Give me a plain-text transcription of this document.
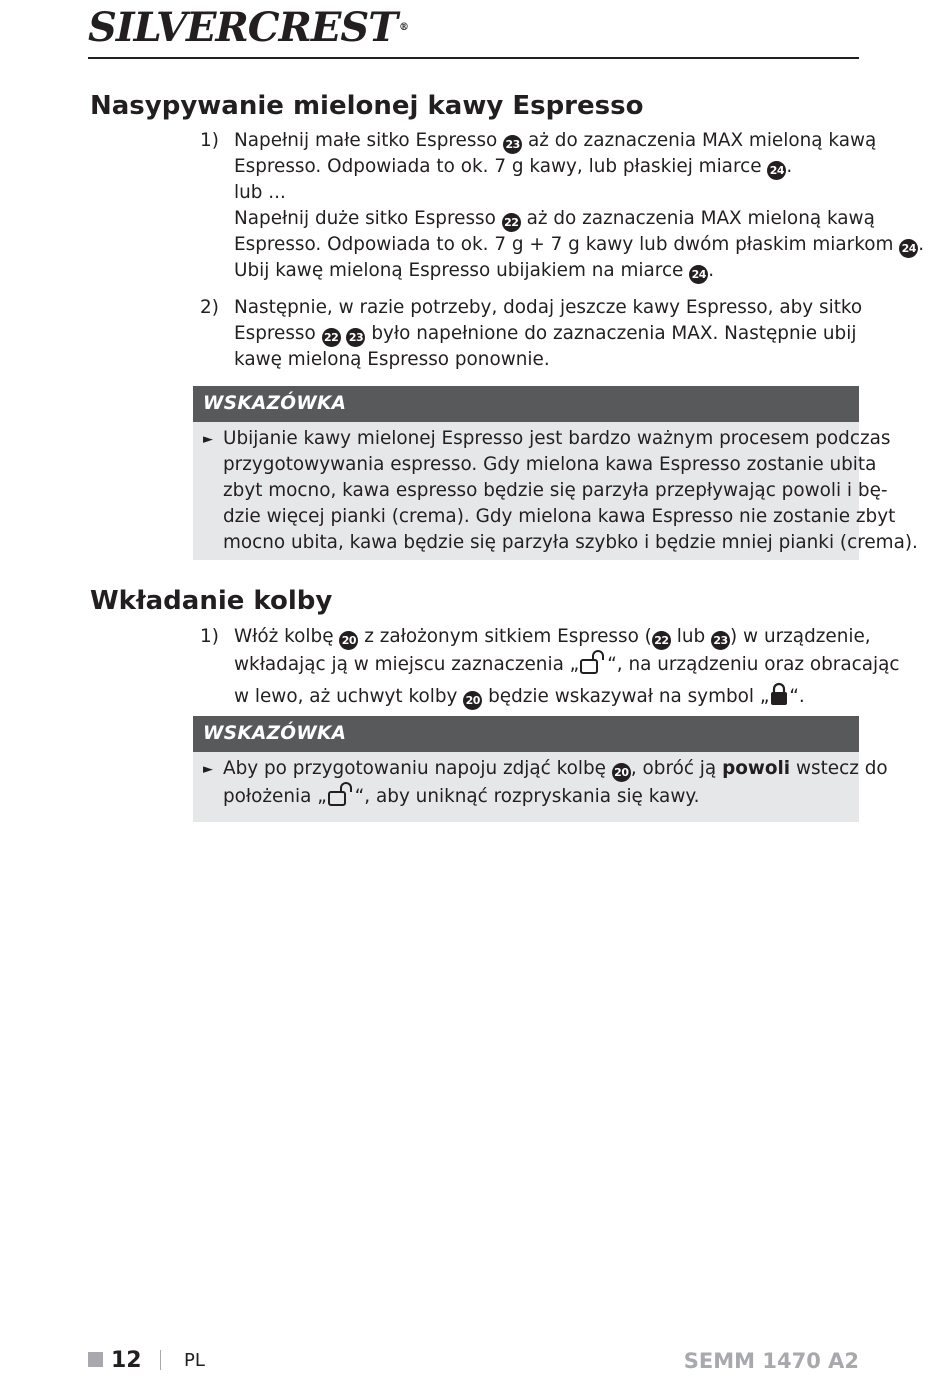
SILVERCREST ®
Nasypywanie mielonej kawy Espresso
1) Napełnij małe sitko Espresso 23 aż do zaznaczenia MAX mieloną kawą
Espresso. Odpowiada to ok. 7 g kawy, lub płaskiej miarce 24 .
lub ...
Napełnij duże sitko Espresso 22 aż do zaznaczenia MAX mieloną kawą
Espresso. Odpowiada to ok. 7 g + 7 g kawy lub dwóm płaskim miarkom 24 .
Ubij kawę mieloną Espresso ubijakiem na miarce 24 .
2) Następnie, w razie potrzeby, dodaj jeszcze kawy Espresso, aby sitko
Espresso 22 23 było napełnione do zaznaczenia MAX. Następnie ubij
kawę mieloną Espresso ponownie.
WSKAZÓWKA
► Ubijanie kawy mielonej Espresso jest bardzo ważnym procesem podczas
przygotowywania espresso. Gdy mielona kawa Espresso zostanie ubita
zbyt mocno, kawa espresso będzie się parzyła przepływając powoli i bę-
dzie więcej pianki (crema). Gdy mielona kawa Espresso nie zostanie zbyt
mocno ubita, kawa będzie się parzyła szybko i będzie mniej pianki (crema).
Wkładanie kolby
1) Włóż kolbę 20 z założonym sitkiem Espresso ( 22 lub 23 ) w urządzenie,
wkładając ją w miejscu zaznaczenia „ “, na urządzeniu oraz obracając
w lewo, aż uchwyt kolby 20 będzie wskazywał na symbol „ “.
WSKAZÓWKA
► Aby po przygotowaniu napoju zdjąć kolbę 20 , obróć ją powoli wstecz do
położenia „ “, aby uniknąć rozpryskania się kawy.
12 PL	SEMM 1470 A2
